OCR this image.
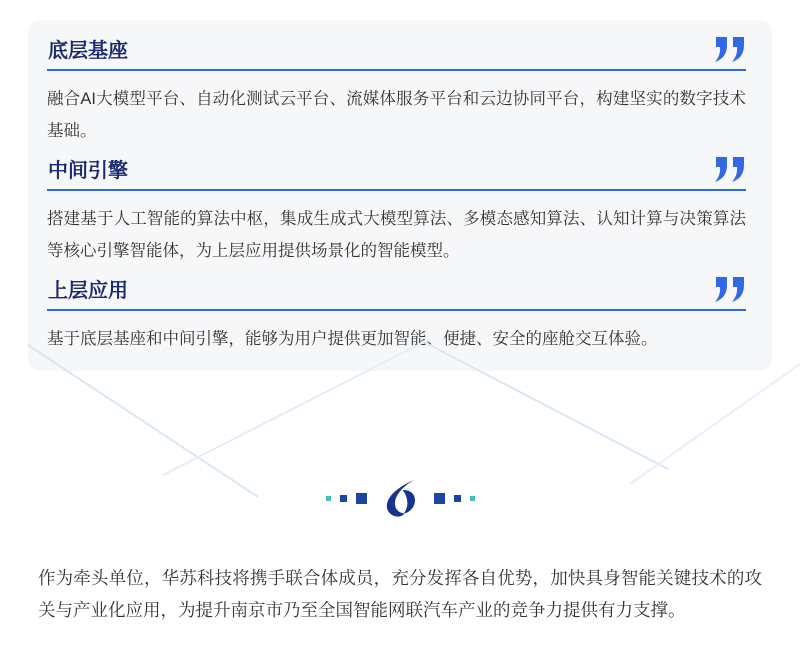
底层基座

融合AI大模型平台、自动化测试云平台、流媒体服务平台和云边协同平台，构建坚实的数字技术基础。

中间引擎

搭建基于人工智能的算法中枢，集成生成式大模型算法、多模态感知算法、认知计算与决策算法等核心引擎智能体，为上层应用提供场景化的智能模型。

上层应用

基于底层基座和中间引擎，能够为用户提供更加智能、便捷、安全的座舱交互体验。

作为牵头单位，华苏科技将携手联合体成员，充分发挥各自优势，加快具身智能关键技术的攻关与产业化应用，为提升南京市乃至全国智能网联汽车产业的竞争力提供有力支撑。
